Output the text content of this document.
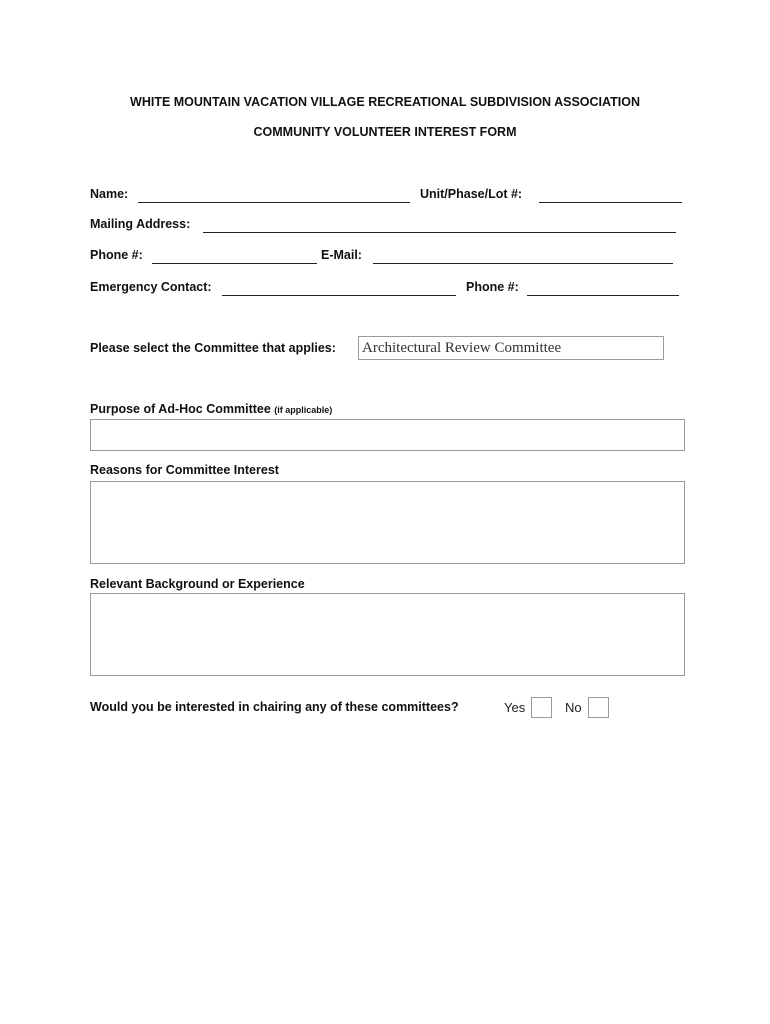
WHITE MOUNTAIN VACATION VILLAGE RECREATIONAL SUBDIVISION ASSOCIATION
COMMUNITY VOLUNTEER INTEREST FORM
Name:	Unit/Phase/Lot #:
Mailing Address:
Phone #:	E-Mail:
Emergency Contact:	Phone #:
Please select the Committee that applies: Architectural Review Committee
Purpose of Ad-Hoc Committee (if applicable)
Reasons for Committee Interest
Relevant Background or Experience
Would you be interested in chairing any of these committees?	Yes	No
